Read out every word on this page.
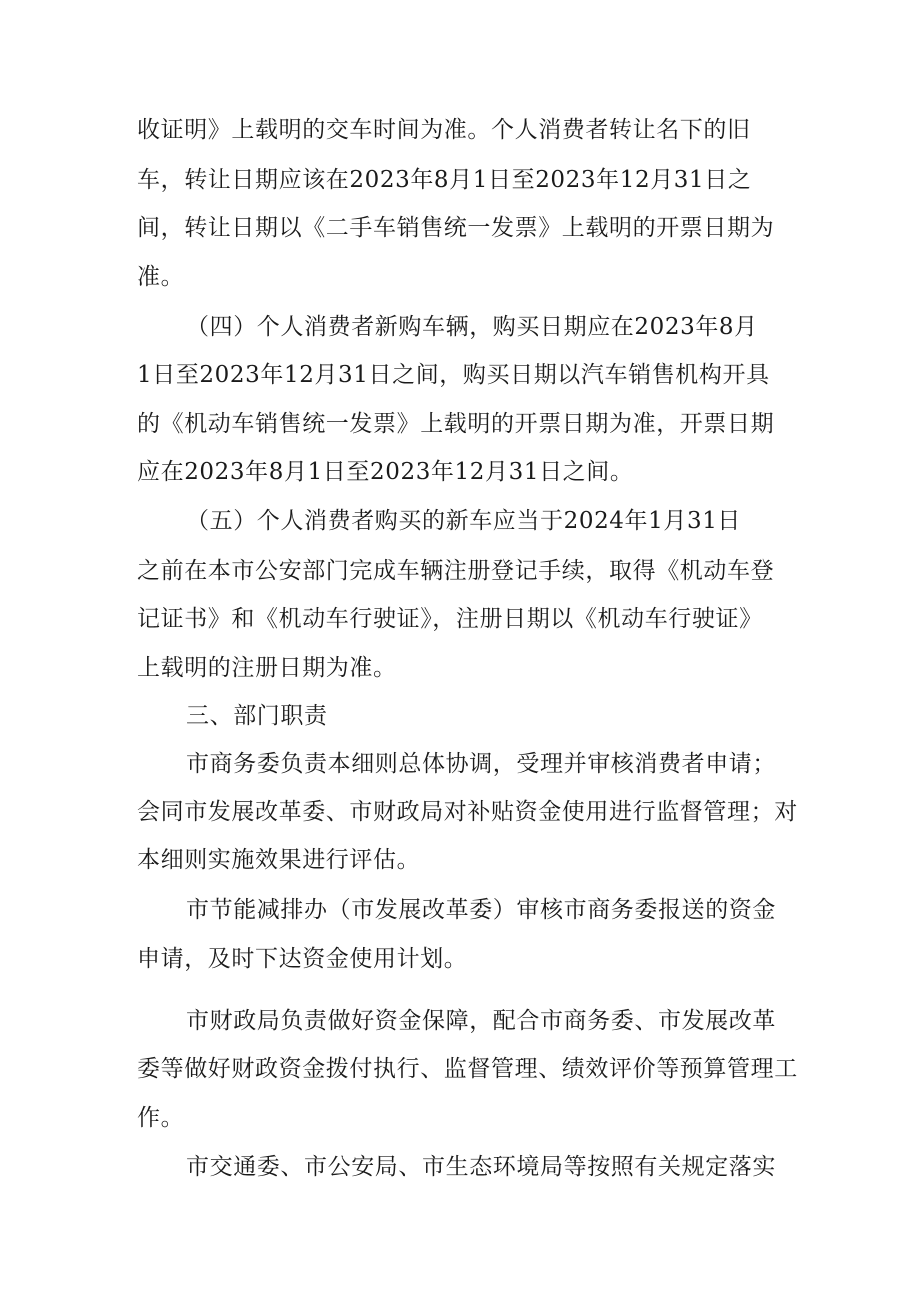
收证明》上载明的交车时间为准。个人消费者转让名下的旧
车，转让日期应该在2023年8月1日至2023年12月31日之
间，转让日期以《二手车销售统一发票》上载明的开票日期为
准。
（四）个人消费者新购车辆，购买日期应在2023年8月
1日至2023年12月31日之间，购买日期以汽车销售机构开具
的《机动车销售统一发票》上载明的开票日期为准，开票日期
应在2023年8月1日至2023年12月31日之间。
（五）个人消费者购买的新车应当于2024年1月31日
之前在本市公安部门完成车辆注册登记手续，取得《机动车登
记证书》和《机动车行驶证》，注册日期以《机动车行驶证》
上载明的注册日期为准。
三、部门职责
市商务委负责本细则总体协调，受理并审核消费者申请；
会同市发展改革委、市财政局对补贴资金使用进行监督管理；对
本细则实施效果进行评估。
市节能减排办（市发展改革委）审核市商务委报送的资金
申请，及时下达资金使用计划。
市财政局负责做好资金保障，配合市商务委、市发展改革
委等做好财政资金拨付执行、监督管理、绩效评价等预算管理工
作。
市交通委、市公安局、市生态环境局等按照有关规定落实
